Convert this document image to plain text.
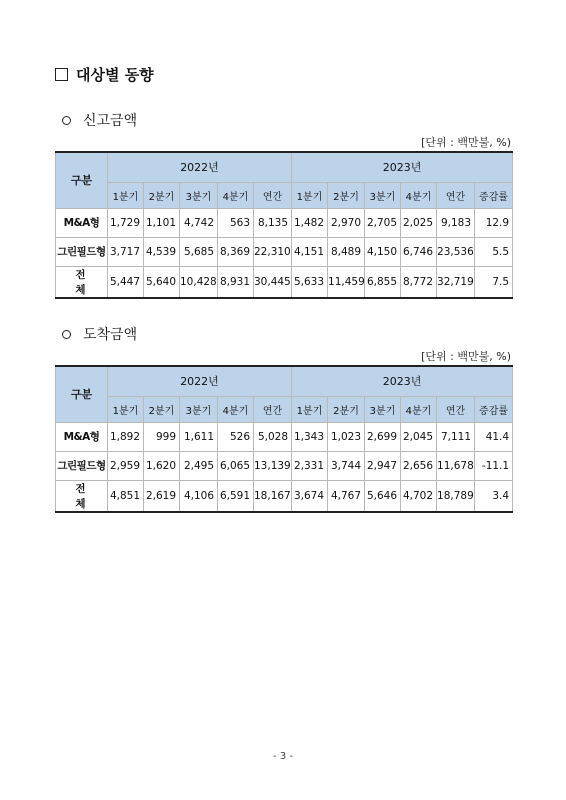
대상별 동향
신고금액
[단위 : 백만불, %)
구분	2022년					2023년					
	1분기	2분기	3분기	4분기	연간	1분기	2분기	3분기	4분기	연간	증감률
M&A형	1,729	1,101	4,742	563	8,135	1,482	2,970	2,705	2,025	9,183	12.9
그린필드형	3,717	4,539	5,685	8,369	22,310	4,151	8,489	4,150	6,746	23,536	5.5
전체	5,447	5,640	10,428	8,931	30,445	5,633	11,459	6,855	8,772	32,719	7.5
도착금액
[단위 : 백만불, %)
구분	2022년					2023년					
	1분기	2분기	3분기	4분기	연간	1분기	2분기	3분기	4분기	연간	증감률
M&A형	1,892	999	1,611	526	5,028	1,343	1,023	2,699	2,045	7,111	41.4
그린필드형	2,959	1,620	2,495	6,065	13,139	2,331	3,744	2,947	2,656	11,678	-11.1
전체	4,851	2,619	4,106	6,591	18,167	3,674	4,767	5,646	4,702	18,789	3.4
- 3 -
